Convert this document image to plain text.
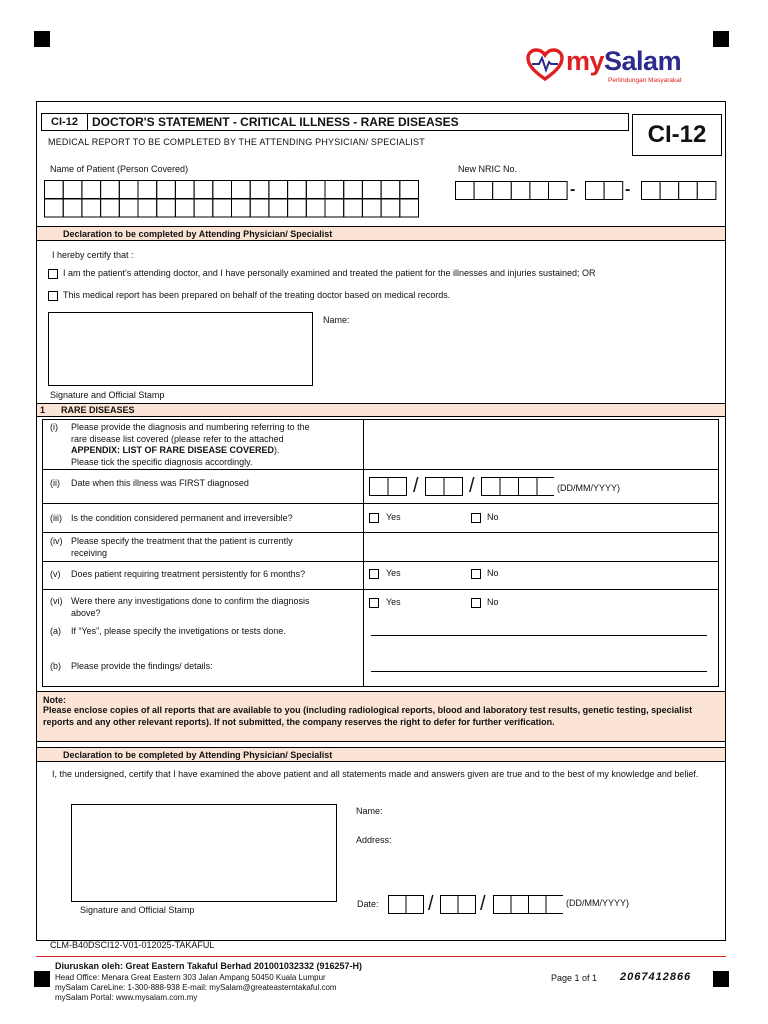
mySalam
Perlindungan Masyarakat
CI-12	DOCTOR'S STATEMENT - CRITICAL ILLNESS - RARE DISEASES
MEDICAL REPORT TO BE COMPLETED BY THE ATTENDING PHYSICIAN/ SPECIALIST	CI-12
Name of Patient (Person Covered)	New NRIC No.
-	-
Declaration to be completed by Attending Physician/ Specialist
I hereby certify that :
I am the patient's attending doctor, and I have personally examined and treated the patient for the illnesses and injuries sustained; OR
This medical report has been prepared on behalf of the treating doctor based on medical records.
Name:
Signature and Official Stamp
1 RARE DISEASES
(i) Please provide the diagnosis and numbering referring to the
rare disease list covered (please refer to the attached
APPENDIX: LIST OF RARE DISEASE COVERED).
Please tick the specific diagnosis accordingly.
(ii) Date when this illness was FIRST diagnosed	/	/	(DD/MM/YYYY)
(iii) Is the condition considered permanent and irreversible?	Yes	No
(iv) Please specify the treatment that the patient is currently
receiving
(v) Does patient requiring treatment persistently for 6 months?	Yes	No
(vi) Were there any investigations done to confirm the diagnosis
above?
Yes	No
(a) If “Yes”, please specify the invetigations or tests done.
(b) Please provide the findings/ details:
Note:
Please enclose copies of all reports that are available to you (including radiological reports, blood and laboratory test results, genetic testing, specialist reports and any other relevant reports). If not submitted, the company reserves the right to defer for further verification.
Declaration to be completed by Attending Physician/ Specialist
I, the undersigned, certify that I have examined the above patient and all statements made and answers given are true and to the best of my knowledge and belief.
Signature and Official Stamp
Name:
Address:
Date: / /	(DD/MM/YYYY)
CLM-B40DSCI12-V01-012025-TAKAFUL
Diuruskan oleh: Great Eastern Takaful Berhad 201001032332 (916257-H)
Head Office: Menara Great Eastern 303 Jalan Ampang 50450 Kuala Lumpur
mySalam CareLine: 1-300-888-938 E-mail: mySalam@greateasterntakaful.com
mySalam Portal: www.mysalam.com.my
Page 1 of 1 2067412866
